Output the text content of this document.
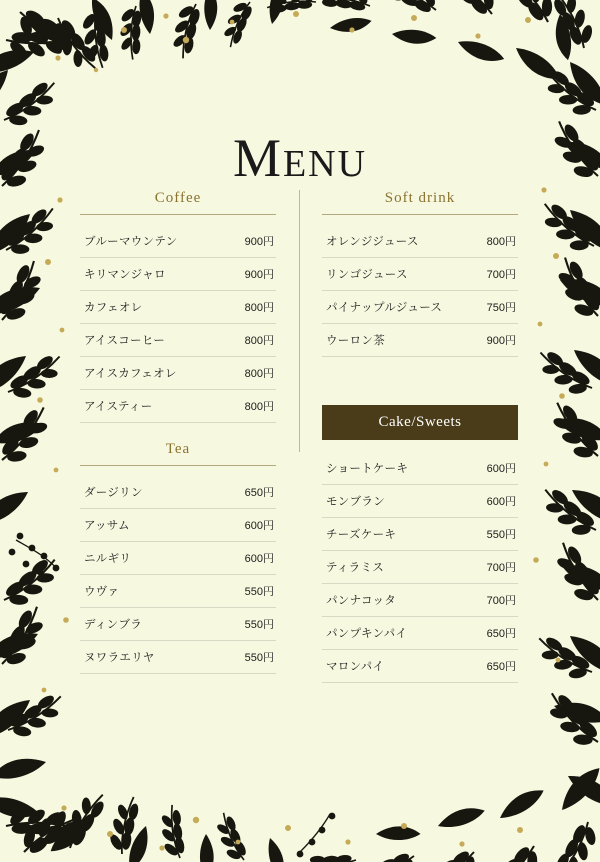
Menu
Coffee
ブルーマウンテン	900円
キリマンジャロ	900円
カフェオレ	800円
アイスコーヒー	800円
アイスカフェオレ	800円
アイスティー	800円
Tea
ダージリン	650円
アッサム	600円
ニルギリ	600円
ウヴァ	550円
ディンブラ	550円
ヌワラエリヤ	550円
Soft drink
オレンジジュース	800円
リンゴジュース	700円
パイナップルジュース	750円
ウーロン茶	900円
Cake/Sweets
ショートケーキ	600円
モンブラン	600円
チーズケーキ	550円
ティラミス	700円
パンナコッタ	700円
パンプキンパイ	650円
マロンパイ	650円
